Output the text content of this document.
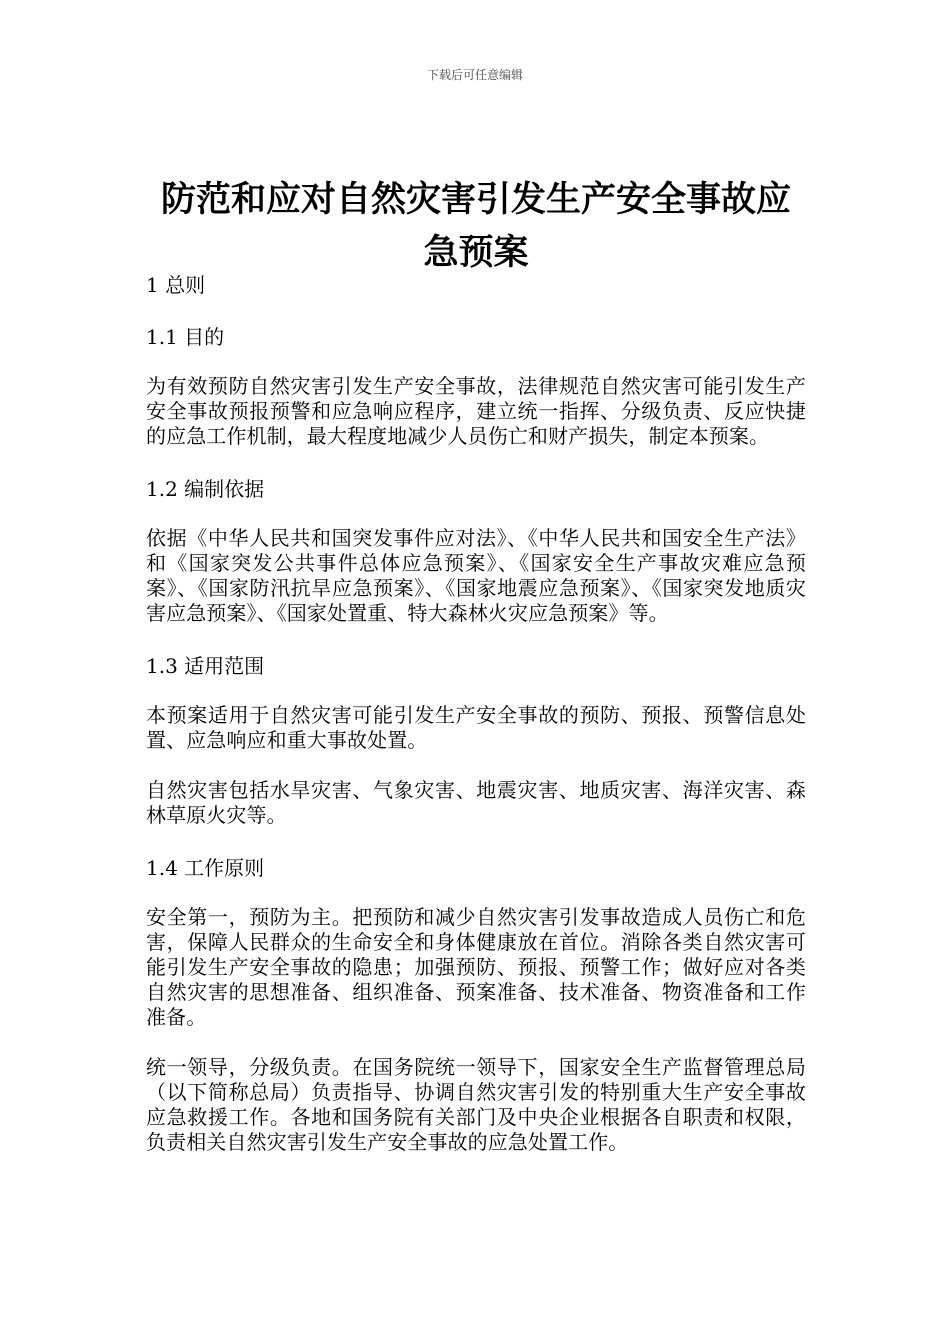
下载后可任意编辑
防范和应对自然灾害引发生产安全事故应急预案
1 总则
1.1 目的

为有效预防自然灾害引发生产安全事故，法律规范自然灾害可能引发生产安全事故预报预警和应急响应程序，建立统一指挥、分级负责、反应快捷的应急工作机制，最大程度地减少人员伤亡和财产损失，制定本预案。

1.2 编制依据

依据《中华人民共和国突发事件应对法》、《中华人民共和国安全生产法》和《国家突发公共事件总体应急预案》、《国家安全生产事故灾难应急预案》、《国家防汛抗旱应急预案》、《国家地震应急预案》、《国家突发地质灾害应急预案》、《国家处置重、特大森林火灾应急预案》等。

1.3 适用范围

本预案适用于自然灾害可能引发生产安全事故的预防、预报、预警信息处置、应急响应和重大事故处置。

自然灾害包括水旱灾害、气象灾害、地震灾害、地质灾害、海洋灾害、森林草原火灾等。

1.4 工作原则

安全第一，预防为主。把预防和减少自然灾害引发事故造成人员伤亡和危害，保障人民群众的生命安全和身体健康放在首位。消除各类自然灾害可能引发生产安全事故的隐患；加强预防、预报、预警工作；做好应对各类自然灾害的思想准备、组织准备、预案准备、技术准备、物资准备和工作准备。

统一领导，分级负责。在国务院统一领导下，国家安全生产监督管理总局（以下简称总局）负责指导、协调自然灾害引发的特别重大生产安全事故应急救援工作。各地和国务院有关部门及中央企业根据各自职责和权限，负责相关自然灾害引发生产安全事故的应急处置工作。
